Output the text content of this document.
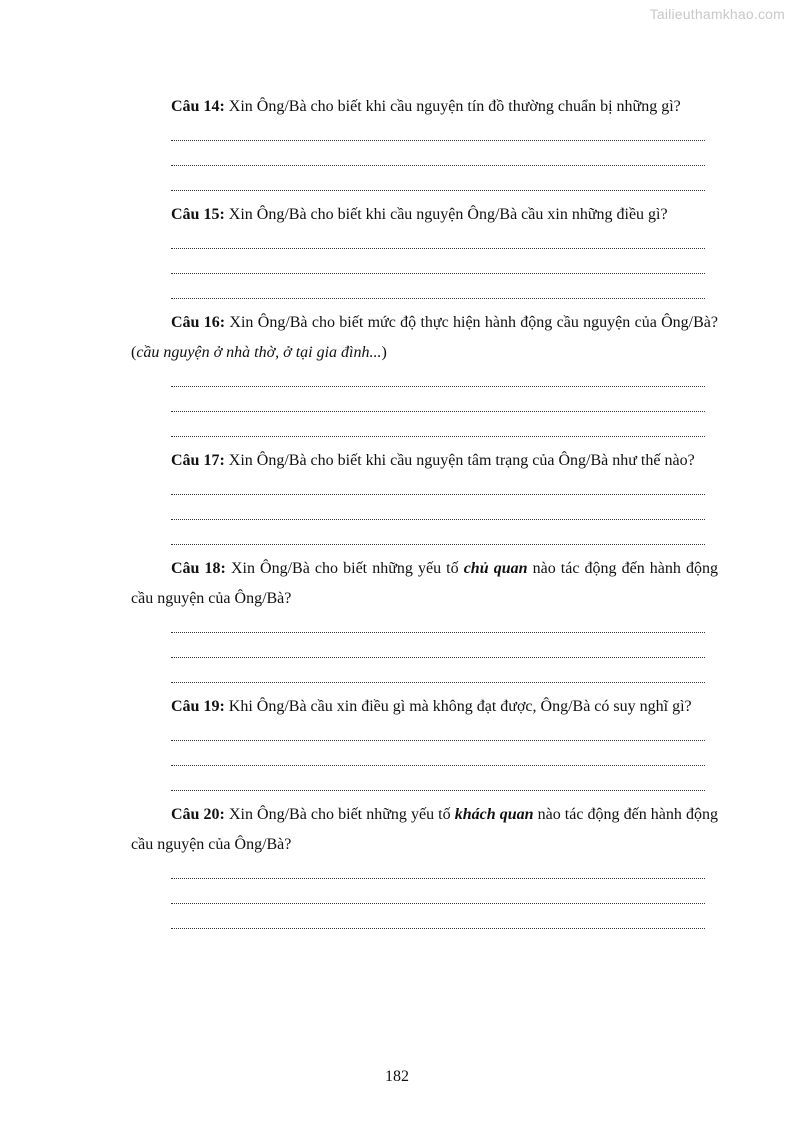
Tailieuthamkhao.com

Câu 14: Xin Ông/Bà cho biết khi cầu nguyện tín đồ thường chuẩn bị những gì?

Câu 15: Xin Ông/Bà cho biết khi cầu nguyện Ông/Bà cầu xin những điều gì?

Câu 16: Xin Ông/Bà cho biết mức độ thực hiện hành động cầu nguyện của Ông/Bà? (cầu nguyện ở nhà thờ, ở tại gia đình...)

Câu 17: Xin Ông/Bà cho biết khi cầu nguyện tâm trạng của Ông/Bà như thế nào?

Câu 18: Xin Ông/Bà cho biết những yếu tố chủ quan nào tác động đến hành động cầu nguyện của Ông/Bà?

Câu 19: Khi Ông/Bà cầu xin điều gì mà không đạt được, Ông/Bà có suy nghĩ gì?

Câu 20: Xin Ông/Bà cho biết những yếu tố khách quan nào tác động đến hành động cầu nguyện của Ông/Bà?

182
